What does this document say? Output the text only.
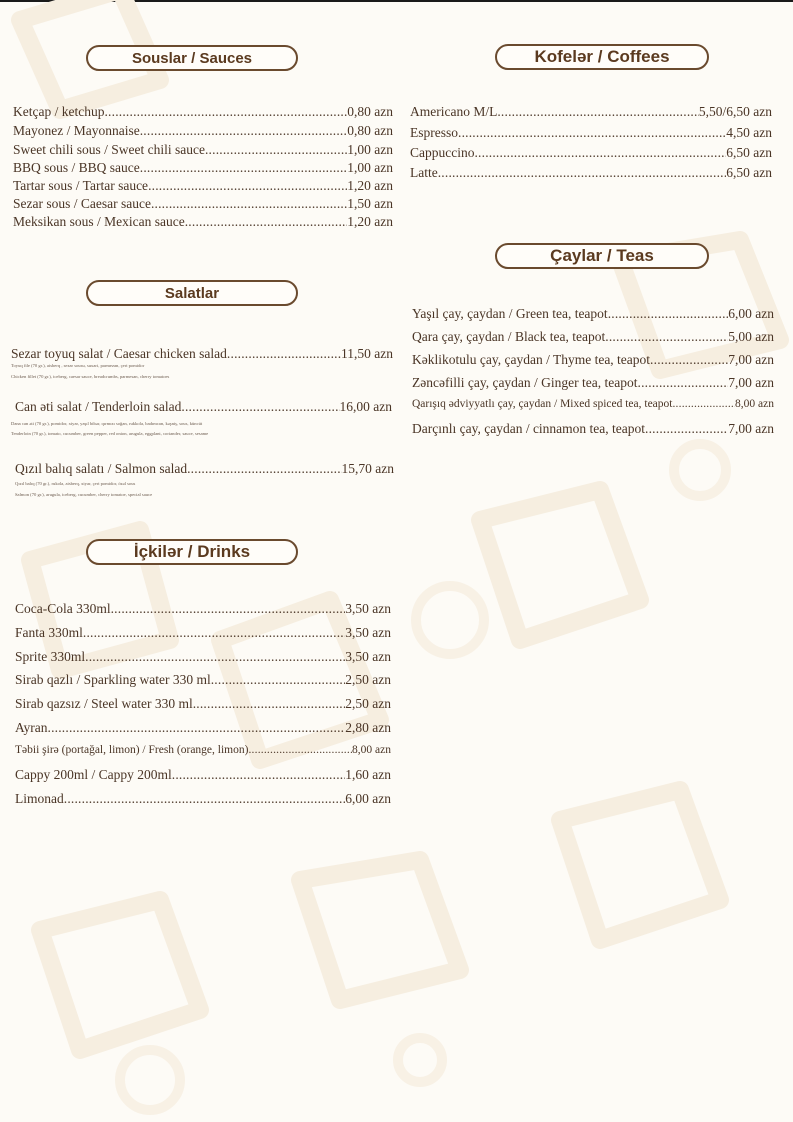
Souslar / Sauces	Kofelər / Coffees
Çaylar / Teas
Salatlar
İçkilər / Drinks
Ketçap / ketchup .....	0,80 azn
Mayonez / Mayonnaise .....	0,80 azn
Sweet chili sous / Sweet chili sauce .....	1,00 azn
BBQ sous / BBQ sauce .....	1,00 azn
Tartar sous / Tartar sauce .....	1,20 azn
Sezar sous / Caesar sauce .....	1,50 azn
Meksikan sous / Mexican sauce .....	1,20 azn
Americano M/L .....	5,50/6,50 azn
Espresso .....	4,50 azn
Cappuccino .....	6,50 azn
Latte .....	6,50 azn
Yaşıl çay, çaydan / Green tea, teapot .....	6,00 azn
Qara çay, çaydan / Black tea, teapot .....	5,00 azn
Kəklikotulu çay, çaydan / Thyme tea, teapot .....	7,00 azn
Zəncəfilli çay, çaydan / Ginger tea, teapot .....	7,00 azn
Qarışıq ədviyyatlı çay, çaydan / Mixed spiced tea, teapot .....	8,00 azn
Darçınlı çay, çaydan / cinnamon tea, teapot .....	7,00 azn
Sezar toyuq salat / Caesar chicken salad .....	11,50 azn
Toyuq file (70 gr.), aisberq , sezar sousu, suxari, parmezan, çeri pomidor
Chicken fillet (70 gr.), iceberg, caesar sauce, breadcrumbs, parmesan, cherry tomatoes
Can əti salat / Tenderloin salad .....	16,00 azn
Dana can əti (70 gr.), pomidor, xiyar, yaşıl bibər, qırmızı soğan, rukkola, badımcan, kəşniş, sous, küncüt
Tenderloin (70 gr.), tomato, cucumber, green pepper, red onion, arugula, eggplant, coriander, sauce, sesame
Qızıl balıq salatı / Salmon salad .....	15,70 azn
Qızıl balıq (70 gr.), rukola, aisberq, xiyar, çeri pomidor, özəl sous
Salmon (70 gr.), arugula, iceberg, cucumber, cherry tomatoe, special sauce
Coca-Cola 330ml .....	3,50 azn
Fanta 330ml .....	3,50 azn
Sprite 330ml .....	3,50 azn
Sirab qazlı / Sparkling water 330 ml .....	2,50 azn
Sirab qazsız / Steel water 330 ml .....	2,50 azn
Ayran .....	2,80 azn
Təbii şirə (portağal, limon) / Fresh (orange, limon) .....	8,00 azn
Cappy 200ml / Cappy 200ml .....	1,60 azn
Limonad .....	6,00 azn
